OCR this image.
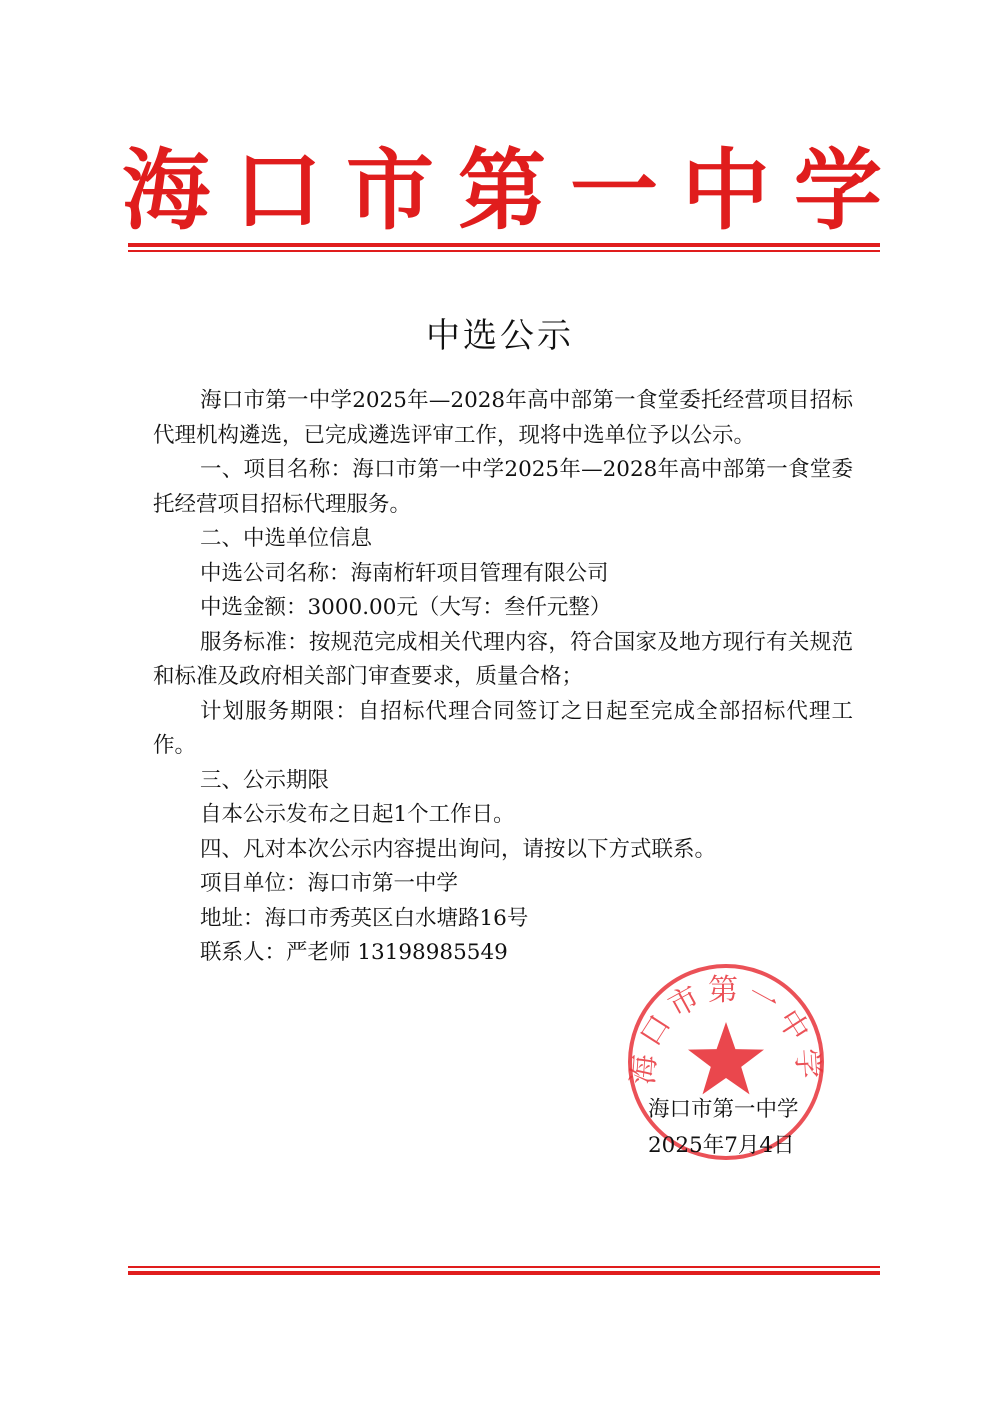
海 口 市 第 一 中 学
中选公示

海口市第一中学2025年—2028年高中部第一食堂委托经营项目招标代理机构遴选，已完成遴选评审工作，现将中选单位予以公示。

一、项目名称：海口市第一中学2025年—2028年高中部第一食堂委托经营项目招标代理服务。

二、中选单位信息

中选公司名称：海南桁轩项目管理有限公司

中选金额：3000.00元（大写：叁仟元整）

服务标准：按规范完成相关代理内容，符合国家及地方现行有关规范和标准及政府相关部门审查要求，质量合格；

计划服务期限：自招标代理合同签订之日起至完成全部招标代理工作。

三、公示期限

自本公示发布之日起1个工作日。

四、凡对本次公示内容提出询问，请按以下方式联系。

项目单位：海口市第一中学

地址：海口市秀英区白水塘路16号

联系人：严老师 13198985549

海口市第一中学
海口市第一中学
2025年7月4日
